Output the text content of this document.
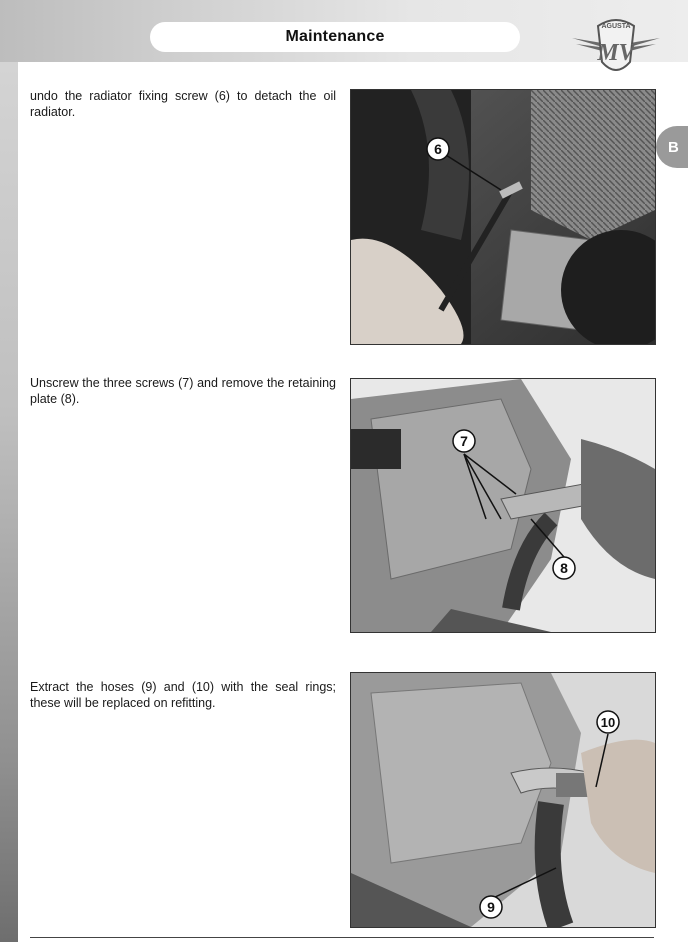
Maintenance
AGUSTA
MV
B
undo the radiator fixing screw (6) to detach the oil radiator.
6
Unscrew the three screws (7) and remove the retaining plate (8).
7
8
Extract the hoses (9) and (10) with the seal rings; these will be replaced on refitting.
10
9
